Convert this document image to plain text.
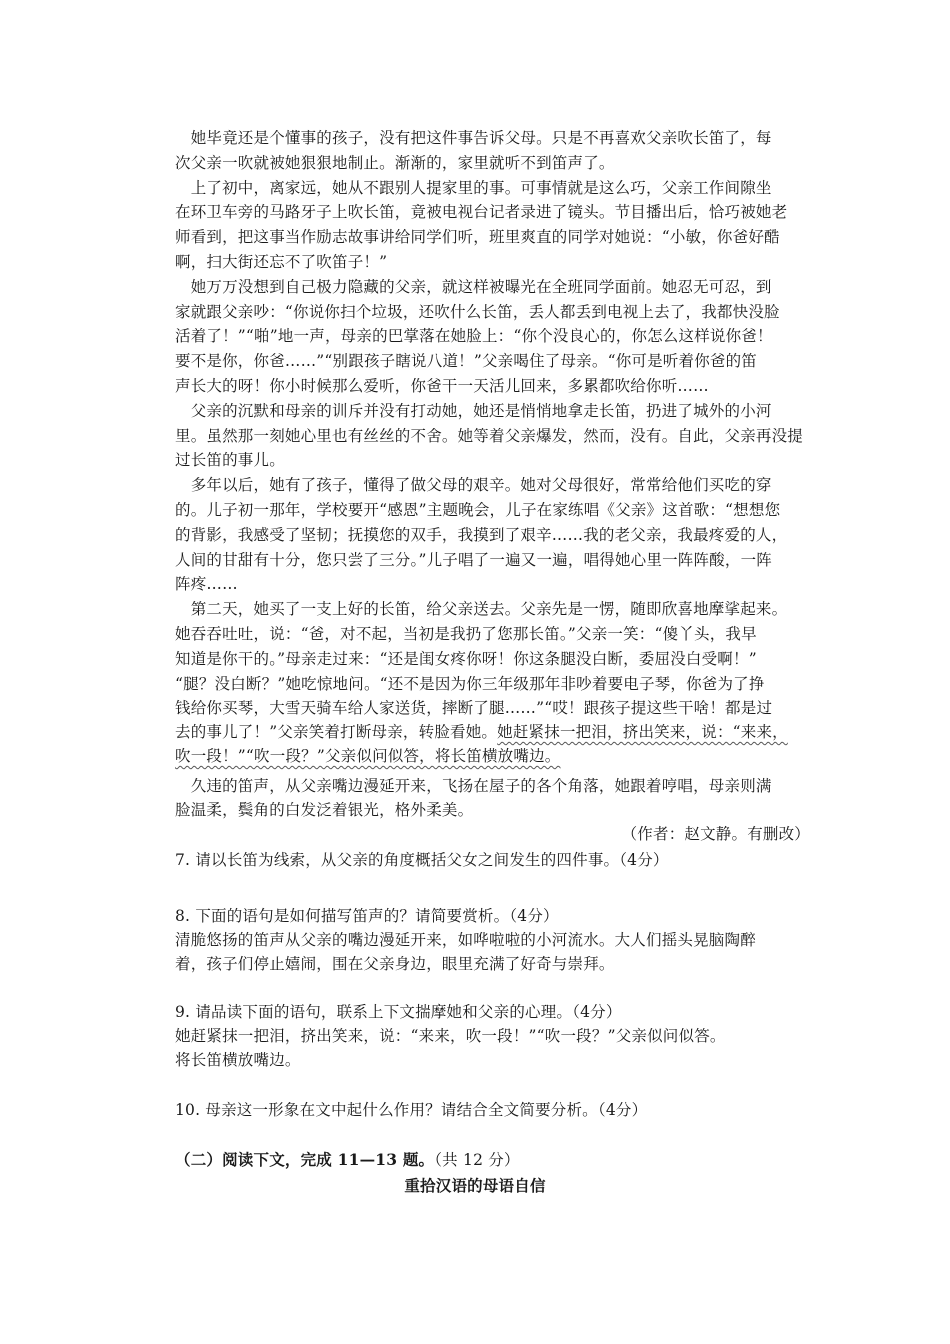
　她毕竟还是个懂事的孩子，没有把这件事告诉父母。只是不再喜欢父亲吹长笛了，每
次父亲一吹就被她狠狠地制止。渐渐的，家里就听不到笛声了。
　上了初中，离家远，她从不跟别人提家里的事。可事情就是这么巧，父亲工作间隙坐
在环卫车旁的马路牙子上吹长笛，竟被电视台记者录进了镜头。节目播出后，恰巧被她老
师看到，把这事当作励志故事讲给同学们听，班里爽直的同学对她说：“小敏，你爸好酷
啊，扫大街还忘不了吹笛子！”
　她万万没想到自己极力隐藏的父亲，就这样被曝光在全班同学面前。她忍无可忍，到
家就跟父亲吵：“你说你扫个垃圾，还吹什么长笛，丢人都丢到电视上去了，我都快没脸
活着了！”“啪”地一声，母亲的巴掌落在她脸上：“你个没良心的，你怎么这样说你爸！
要不是你，你爸……”“别跟孩子瞎说八道！”父亲喝住了母亲。“你可是听着你爸的笛
声长大的呀！你小时候那么爱听，你爸干一天活儿回来，多累都吹给你听……
　父亲的沉默和母亲的训斥并没有打动她，她还是悄悄地拿走长笛，扔进了城外的小河
里。虽然那一刻她心里也有丝丝的不舍。她等着父亲爆发，然而，没有。自此，父亲再没提
过长笛的事儿。
　多年以后，她有了孩子，懂得了做父母的艰辛。她对父母很好，常常给他们买吃的穿
的。儿子初一那年，学校要开“感恩”主题晚会，儿子在家练唱《父亲》这首歌：“想想您
的背影，我感受了坚韧；抚摸您的双手，我摸到了艰辛……我的老父亲，我最疼爱的人，
人间的甘甜有十分，您只尝了三分。”儿子唱了一遍又一遍，唱得她心里一阵阵酸，一阵
阵疼……
　第二天，她买了一支上好的长笛，给父亲送去。父亲先是一愣，随即欣喜地摩挲起来。
她吞吞吐吐，说：“爸，对不起，当初是我扔了您那长笛。”父亲一笑：“傻丫头，我早
知道是你干的。”母亲走过来：“还是闺女疼你呀！你这条腿没白断，委屈没白受啊！”
“腿？没白断？”她吃惊地问。“还不是因为你三年级那年非吵着要电子琴，你爸为了挣
钱给你买琴，大雪天骑车给人家送货，摔断了腿……”“哎！跟孩子提这些干啥！都是过
去的事儿了！”父亲笑着打断母亲，转脸看她。她赶紧抹一把泪，挤出笑来，说：“来来，
吹一段！”“吹一段？”父亲似问似答，将长笛横放嘴边。
　久违的笛声，从父亲嘴边漫延开来，飞扬在屋子的各个角落，她跟着哼唱，母亲则满
脸温柔，鬓角的白发泛着银光，格外柔美。
（作者：赵文静。有删改）
7. 请以长笛为线索，从父亲的角度概括父女之间发生的四件事。（4分）
8. 下面的语句是如何描写笛声的？请简要赏析。（4分）
清脆悠扬的笛声从父亲的嘴边漫延开来，如哗啦啦的小河流水。大人们摇头晃脑陶醉
着，孩子们停止嬉闹，围在父亲身边，眼里充满了好奇与崇拜。
9. 请品读下面的语句，联系上下文揣摩她和父亲的心理。（4分）
她赶紧抹一把泪，挤出笑来，说：“来来，吹一段！”“吹一段？”父亲似问似答。
将长笛横放嘴边。
10. 母亲这一形象在文中起什么作用？请结合全文简要分析。（4分）
（二）阅读下文，完成 11—13 题。（共 12 分）
重拾汉语的母语自信
